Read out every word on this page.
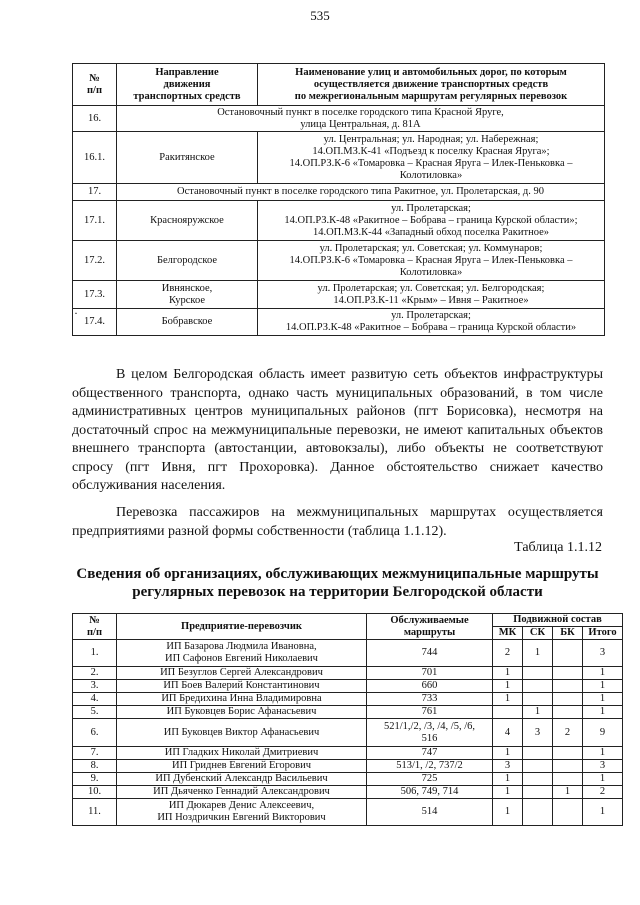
535
№
п/п	Направление
движения
транспортных средств	Наименование улиц и автомобильных дорог, по которым
осуществляется движение транспортных средств
по межрегиональным маршрутам регулярных перевозок
16.	Остановочный пункт в поселке городского типа Красной Яруге,
улица Центральная, д. 81А	
16.1.	Ракитянское	ул. Центральная; ул. Народная; ул. Набережная;
14.ОП.МЗ.К-41 «Подъезд к поселку Красная Яруга»;
14.ОП.РЗ.К-6 «Томаровка – Красная Яруга – Илек-Пеньковка –
Колотиловка»
17.	Остановочный пункт в поселке городского типа Ракитное, ул. Пролетарская, д. 90	
17.1.	Краснояружское	ул. Пролетарская;
14.ОП.РЗ.К-48 «Ракитное – Бобрава – граница Курской области»;
14.ОП.МЗ.К-44 «Западный обход поселка Ракитное»
17.2.	Белгородское	ул. Пролетарская; ул. Советская; ул. Коммунаров;
14.ОП.РЗ.К-6 «Томаровка – Красная Яруга – Илек-Пеньковка –
Колотиловка»
17.3.	Ивнянское,
Курское	ул. Пролетарская; ул. Советская; ул. Белгородская;
14.ОП.РЗ.К-11 «Крым» – Ивня – Ракитное»
17.4.	Бобравское	ул. Пролетарская;
14.ОП.РЗ.К-48 «Ракитное – Бобрава – граница Курской области»
·

В целом Белгородская область имеет развитую сеть объектов инфраструктуры общественного транспорта, однако часть муниципальных образований, в том числе административных центров муниципальных районов (пгт Борисовка), несмотря на достаточный спрос на межмуниципальные перевозки, не имеют капитальных объектов внешнего транспорта (автостанции, автовокзалы), либо объекты не соответствуют спросу (пгт Ивня, пгт Прохоровка). Данное обстоятельство снижает качество обслуживания населения.

Перевозка пассажиров на межмуниципальных маршрутах осуществляется предприятиями разной формы собственности (таблица 1.1.12).

Таблица 1.1.12

Сведения об организациях, обслуживающих межмуниципальные маршруты регулярных перевозок на территории Белгородской области

№
п/п	Предприятие-перевозчик	Обслуживаемые
маршруты	Подвижной состав			
			МК	СК	БК	Итого
1.	ИП Базарова Людмила Ивановна,
ИП Сафонов Евгений Николаевич	744	2	1		3
2.	ИП Безуглов Сергей Александрович	701	1			1
3.	ИП Боев Валерий Константинович	660	1			1
4.	ИП Бредихина Инна Владимировна	733	1			1
5.	ИП Буковцев Борис Афанасьевич	761		1		1
6.	ИП Буковцев Виктор Афанасьевич	521/1,/2, /3, /4, /5, /6,
516	4	3	2	9
7.	ИП Гладких Николай Дмитриевич	747	1			1
8.	ИП Гриднев Евгений Егорович	513/1, /2, 737/2	3			3
9.	ИП Дубенский Александр Васильевич	725	1			1
10.	ИП Дьяченко Геннадий Александрович	506, 749, 714	1		1	2
11.	ИП Дюкарев Денис Алексеевич,
ИП Ноздричкин Евгений Викторович	514	1			1
